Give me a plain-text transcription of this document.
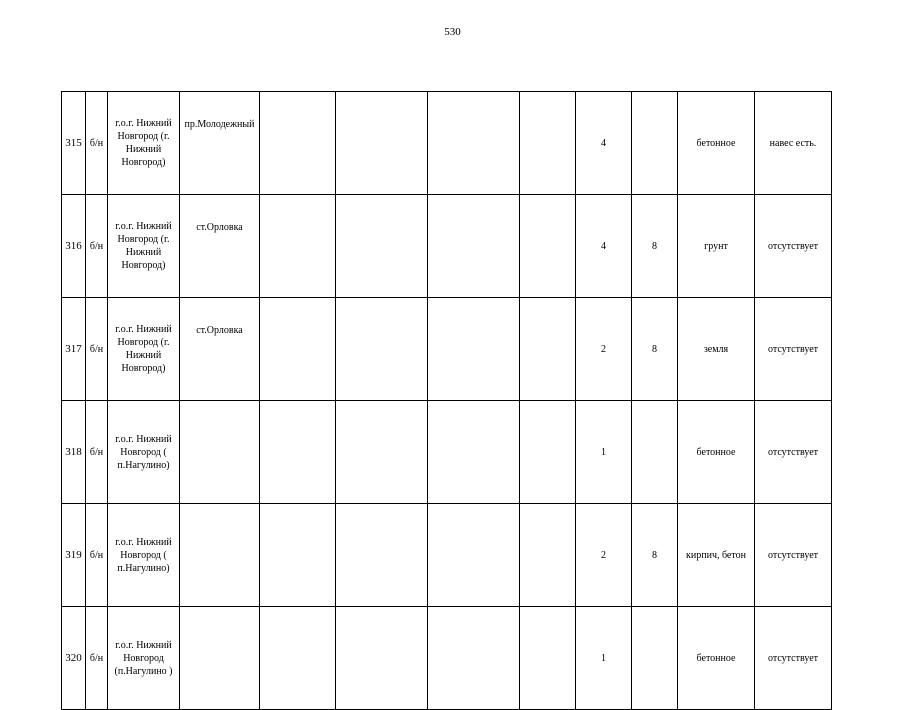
530
315	б/н	г.о.г. Нижний Новгород (г. Нижний Новгород)	пр.Молодежный					4		бетонное	навес есть.
316	б/н	г.о.г. Нижний Новгород (г. Нижний Новгород)	ст.Орловка					4	8	грунт	отсутствует
317	б/н	г.о.г. Нижний Новгород (г. Нижний Новгород)	ст.Орловка					2	8	земля	отсутствует
318	б/н	г.о.г. Нижний Новгород ( п.Нагулино)						1		бетонное	отсутствует
319	б/н	г.о.г. Нижний Новгород ( п.Нагулино)						2	8	кирпич, бетон	отсутствует
320	б/н	г.о.г. Нижний Новгород (п.Нагулино )						1		бетонное	отсутствует
